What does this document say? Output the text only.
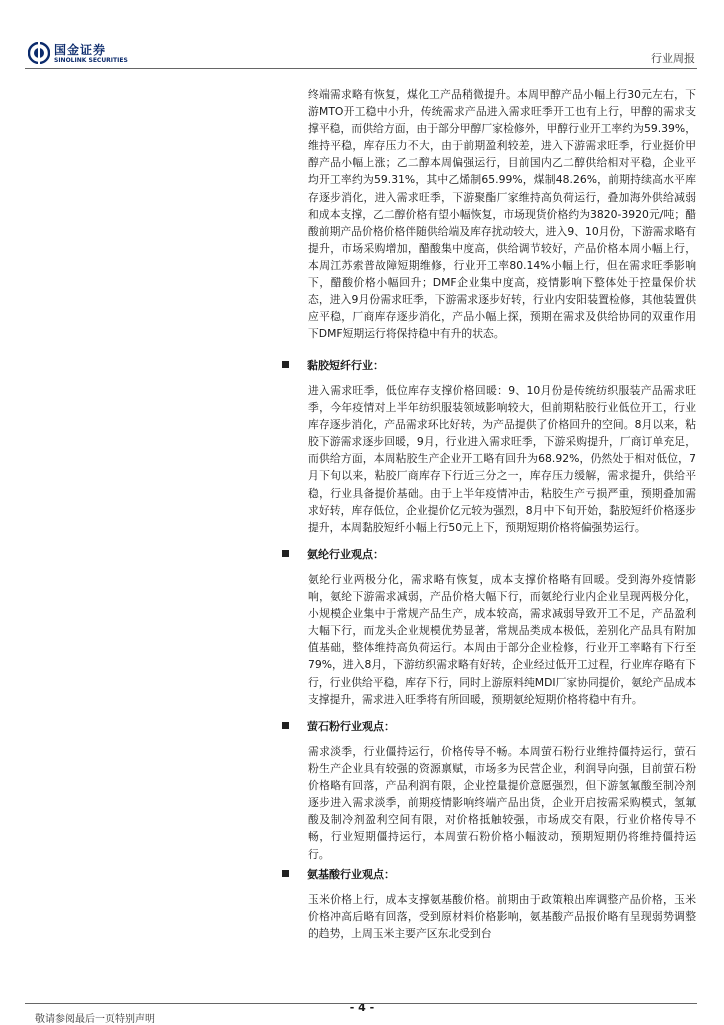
国金证券
SINOLINK SECURITIES	行业周报

终端需求略有恢复，煤化工产品稍微提升。本周甲醇产品小幅上行30元左右，下游MTO开工稳中小升，传统需求产品进入需求旺季开工也有上行，甲醇的需求支撑平稳，而供给方面，由于部分甲醇厂家检修外，甲醇行业开工率约为59.39%，维持平稳，库存压力不大，由于前期盈利较差，进入下游需求旺季，行业挺价甲醇产品小幅上涨；乙二醇本周偏强运行，目前国内乙二醇供给相对平稳，企业平均开工率约为59.31%，其中乙烯制65.99%，煤制48.26%，前期持续高水平库存逐步消化，进入需求旺季，下游聚酯厂家维持高负荷运行，叠加海外供给减弱和成本支撑，乙二醇价格有望小幅恢复，市场现货价格约为3820-3920元/吨；醋酸前期产品价格价格伴随供给端及库存扰动较大，进入9、10月份，下游需求略有提升，市场采购增加，醋酸集中度高，供给调节较好，产品价格本周小幅上行，本周江苏索普故障短期维修，行业开工率80.14%小幅上行，但在需求旺季影响下，醋酸价格小幅回升；DMF企业集中度高，疫情影响下整体处于控量保价状态，进入9月份需求旺季，下游需求逐步好转，行业内安阳装置检修，其他装置供应平稳，厂商库存逐步消化，产品小幅上探，预期在需求及供给协同的双重作用下DMF短期运行将保持稳中有升的状态。

黏胶短纤行业：

进入需求旺季，低位库存支撑价格回暖：9、10月份是传统纺织服装产品需求旺季，今年疫情对上半年纺织服装领域影响较大，但前期粘胶行业低位开工，行业库存逐步消化，产品需求环比好转，为产品提供了价格回升的空间。8月以来，粘胶下游需求逐步回暖，9月，行业进入需求旺季，下游采购提升，厂商订单充足，而供给方面，本周粘胶生产企业开工略有回升为68.92%，仍然处于相对低位，7月下旬以来，粘胶厂商库存下行近三分之一，库存压力缓解，需求提升，供给平稳，行业具备提价基础。由于上半年疫情冲击，粘胶生产亏损严重，预期叠加需求好转，库存低位，企业提价亿元较为强烈，8月中下旬开始，黏胶短纤价格逐步提升，本周黏胶短纤小幅上行50元上下，预期短期价格将偏强势运行。

氨纶行业观点：

氨纶行业两极分化，需求略有恢复，成本支撑价格略有回暖。受到海外疫情影响，氨纶下游需求减弱，产品价格大幅下行，而氨纶行业内企业呈现两极分化，小规模企业集中于常规产品生产，成本较高，需求减弱导致开工不足，产品盈利大幅下行，而龙头企业规模优势显著，常规品类成本极低，差别化产品具有附加值基础，整体维持高负荷运行。本周由于部分企业检修，行业开工率略有下行至79%，进入8月，下游纺织需求略有好转，企业经过低开工过程，行业库存略有下行，行业供给平稳，库存下行，同时上游原料纯MDI厂家协同提价，氨纶产品成本支撑提升，需求进入旺季将有所回暖，预期氨纶短期价格将稳中有升。

萤石粉行业观点：

需求淡季，行业僵持运行，价格传导不畅。本周萤石粉行业维持僵持运行，萤石粉生产企业具有较强的资源禀赋，市场多为民营企业，利润导向强，目前萤石粉价格略有回落，产品利润有限，企业控量提价意愿强烈，但下游氢氟酸至制冷剂逐步进入需求淡季，前期疫情影响终端产品出货，企业开启按需采购模式，氢氟酸及制冷剂盈利空间有限，对价格抵触较强，市场成交有限，行业价格传导不畅，行业短期僵持运行，本周萤石粉价格小幅波动，预期短期仍将维持僵持运行。

氨基酸行业观点：

玉米价格上行，成本支撑氨基酸价格。前期由于政策粮出库调整产品价格，玉米价格冲高后略有回落，受到原材料价格影响，氨基酸产品报价略有呈现弱势调整的趋势，上周玉米主要产区东北受到台

- 4 -
敬请参阅最后一页特别声明
